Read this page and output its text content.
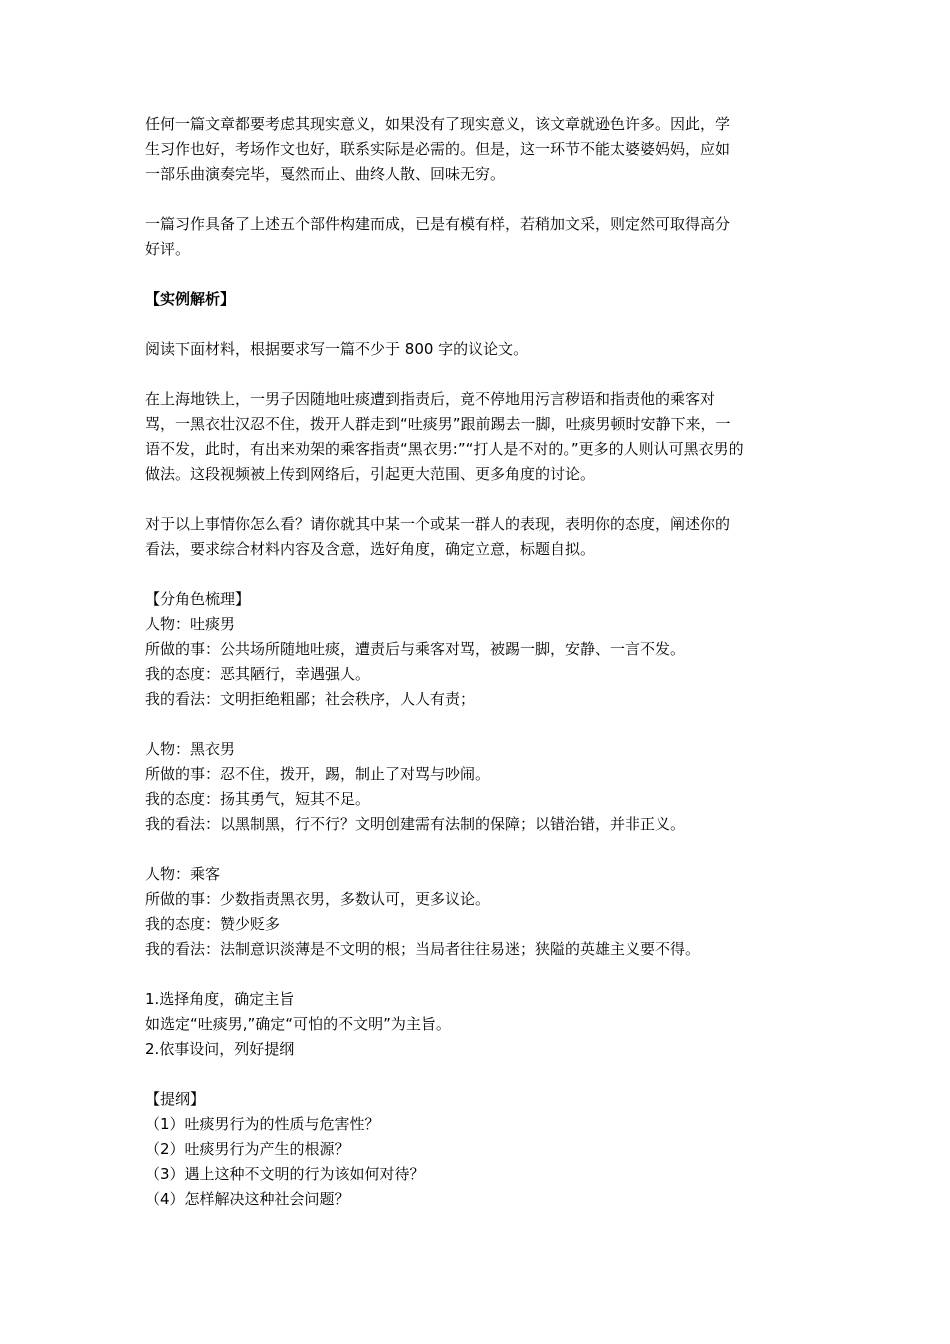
任何一篇文章都要考虑其现实意义，如果没有了现实意义，该文章就逊色许多。因此，学
生习作也好，考场作文也好，联系实际是必需的。但是，这一环节不能太婆婆妈妈，应如
一部乐曲演奏完毕，戛然而止、曲终人散、回味无穷。
一篇习作具备了上述五个部件构建而成，已是有模有样，若稍加文采，则定然可取得高分
好评。
【实例解析】
阅读下面材料，根据要求写一篇不少于 800 字的议论文。
在上海地铁上，一男子因随地吐痰遭到指责后，竟不停地用污言秽语和指责他的乘客对
骂，一黑衣壮汉忍不住，拨开人群走到“吐痰男”跟前踢去一脚，吐痰男顿时安静下来，一
语不发，此时，有出来劝架的乘客指责“黑衣男:”“打人是不对的。”更多的人则认可黑衣男的
做法。这段视频被上传到网络后，引起更大范围、更多角度的讨论。
对于以上事情你怎么看？请你就其中某一个或某一群人的表现，表明你的态度，阐述你的
看法，要求综合材料内容及含意，选好角度，确定立意，标题自拟。
【分角色梳理】
人物：吐痰男
所做的事：公共场所随地吐痰，遭责后与乘客对骂，被踢一脚，安静、一言不发。
我的态度：恶其陋行，幸遇强人。
我的看法：文明拒绝粗鄙；社会秩序，人人有责；
人物：黑衣男
所做的事：忍不住，拨开，踢，制止了对骂与吵闹。
我的态度：扬其勇气，短其不足。
我的看法：以黑制黑，行不行？文明创建需有法制的保障；以错治错，并非正义。
人物：乘客
所做的事：少数指责黑衣男，多数认可，更多议论。
我的态度：赞少贬多
我的看法：法制意识淡薄是不文明的根；当局者往往易迷；狭隘的英雄主义要不得。
1.选择角度，确定主旨
如选定“吐痰男,”确定“可怕的不文明”为主旨。
2.依事设问，列好提纲
【提纲】
（1）吐痰男行为的性质与危害性？
（2）吐痰男行为产生的根源？
（3）遇上这种不文明的行为该如何对待？
（4）怎样解决这种社会问题？
